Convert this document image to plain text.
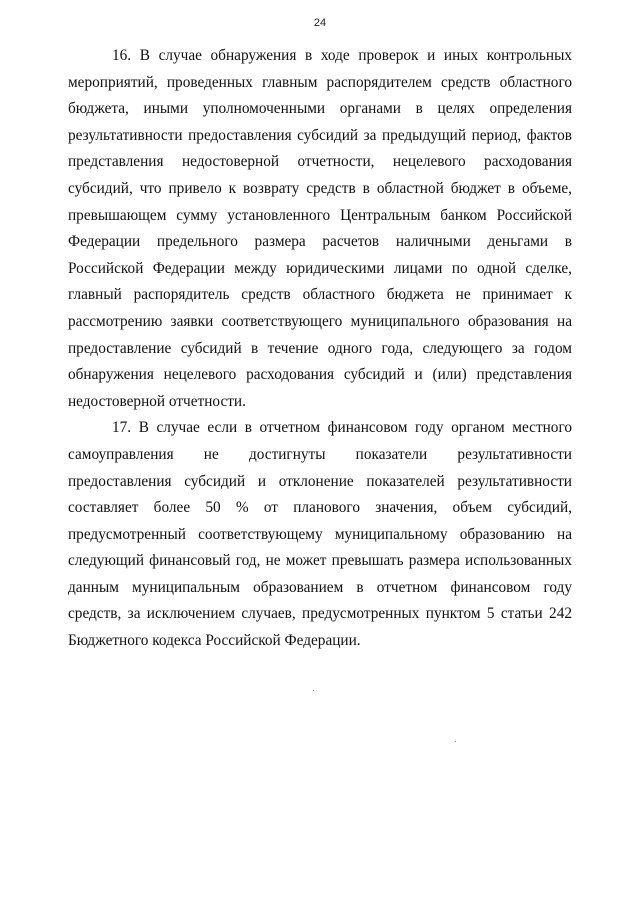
24

16. В случае обнаружения в ходе проверок и иных контрольных мероприятий, проведенных главным распорядителем средств областного бюджета, иными уполномоченными органами в целях определения результативности предоставления субсидий за предыдущий период, фактов представления недостоверной отчетности, нецелевого расходования субсидий, что привело к возврату средств в областной бюджет в объеме, превышающем сумму установленного Центральным банком Российской Федерации предельного размера расчетов наличными деньгами в Российской Федерации между юридическими лицами по одной сделке, главный распорядитель средств областного бюджета не принимает к рассмотрению заявки соответствующего муниципального образования на предоставление субсидий в течение одного года, следующего за годом обнаружения нецелевого расходования субсидий и (или) представления недостоверной отчетности.

17. В случае если в отчетном финансовом году органом местного самоуправления не достигнуты показатели результативности предоставления субсидий и отклонение показателей результативности составляет более 50 % от планового значения, объем субсидий, предусмотренный соответствующему муниципальному образованию на следующий финансовый год, не может превышать размера использованных данным муниципальным образованием в отчетном финансовом году средств, за исключением случаев, предусмотренных пунктом 5 статьи 242 Бюджетного кодекса Российской Федерации.
